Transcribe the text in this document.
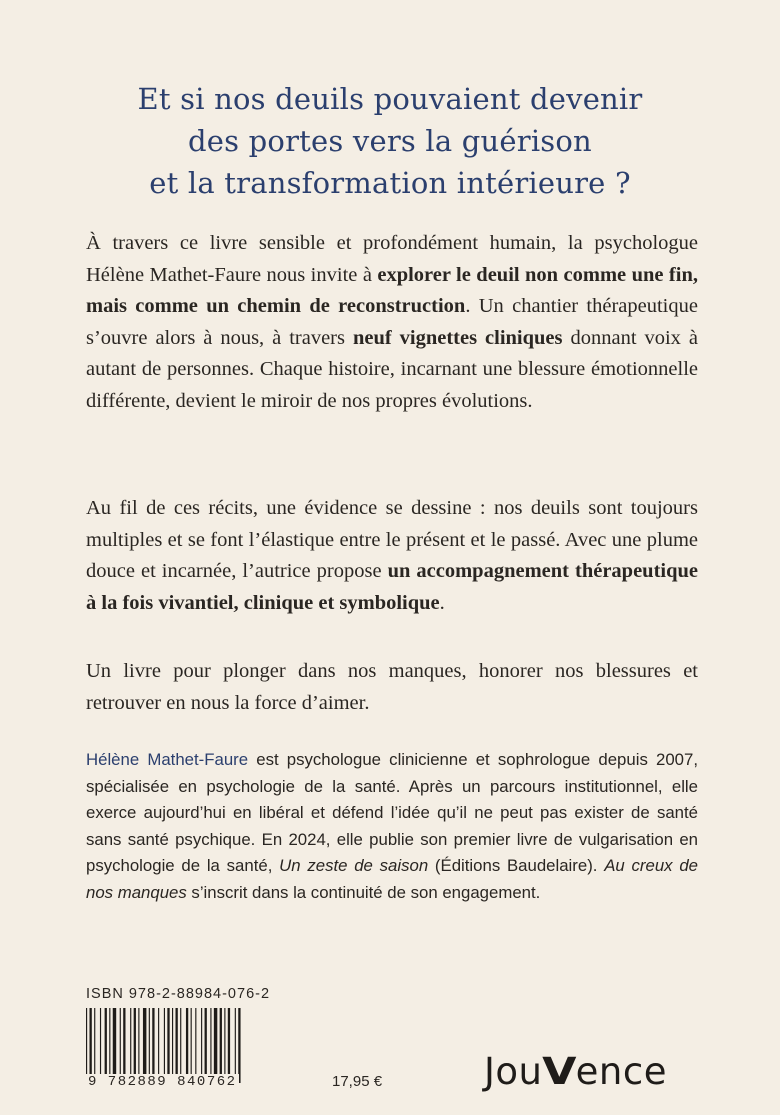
Et si nos deuils pouvaient devenir
des portes vers la guérison
et la transformation intérieure ?
À travers ce livre sensible et profondément humain, la psychologue Hélène Mathet-Faure nous invite à explorer le deuil non comme une fin, mais comme un chemin de reconstruction. Un chantier thérapeutique s’ouvre alors à nous, à travers neuf vignettes cliniques donnant voix à autant de personnes. Chaque histoire, incarnant une blessure émotionnelle différente, devient le miroir de nos propres évolutions.
Au fil de ces récits, une évidence se dessine : nos deuils sont toujours multiples et se font l’élastique entre le présent et le passé. Avec une plume douce et incarnée, l’autrice propose un accompagnement thérapeutique à la fois vivantiel, clinique et symbolique.
Un livre pour plonger dans nos manques, honorer nos blessures et retrouver en nous la force d’aimer.
Hélène Mathet-Faure est psychologue clinicienne et sophrologue depuis 2007, spécialisée en psychologie de la santé. Après un parcours institutionnel, elle exerce aujourd’hui en libéral et défend l’idée qu’il ne peut pas exister de santé sans santé psychique. En 2024, elle publie son premier livre de vulgarisation en psychologie de la santé, Un zeste de saison (Éditions Baudelaire). Au creux de nos manques s’inscrit dans la continuité de son engagement.
ISBN 978-2-88984-076-2
9 782889 840762	17,95 €	JouVence
